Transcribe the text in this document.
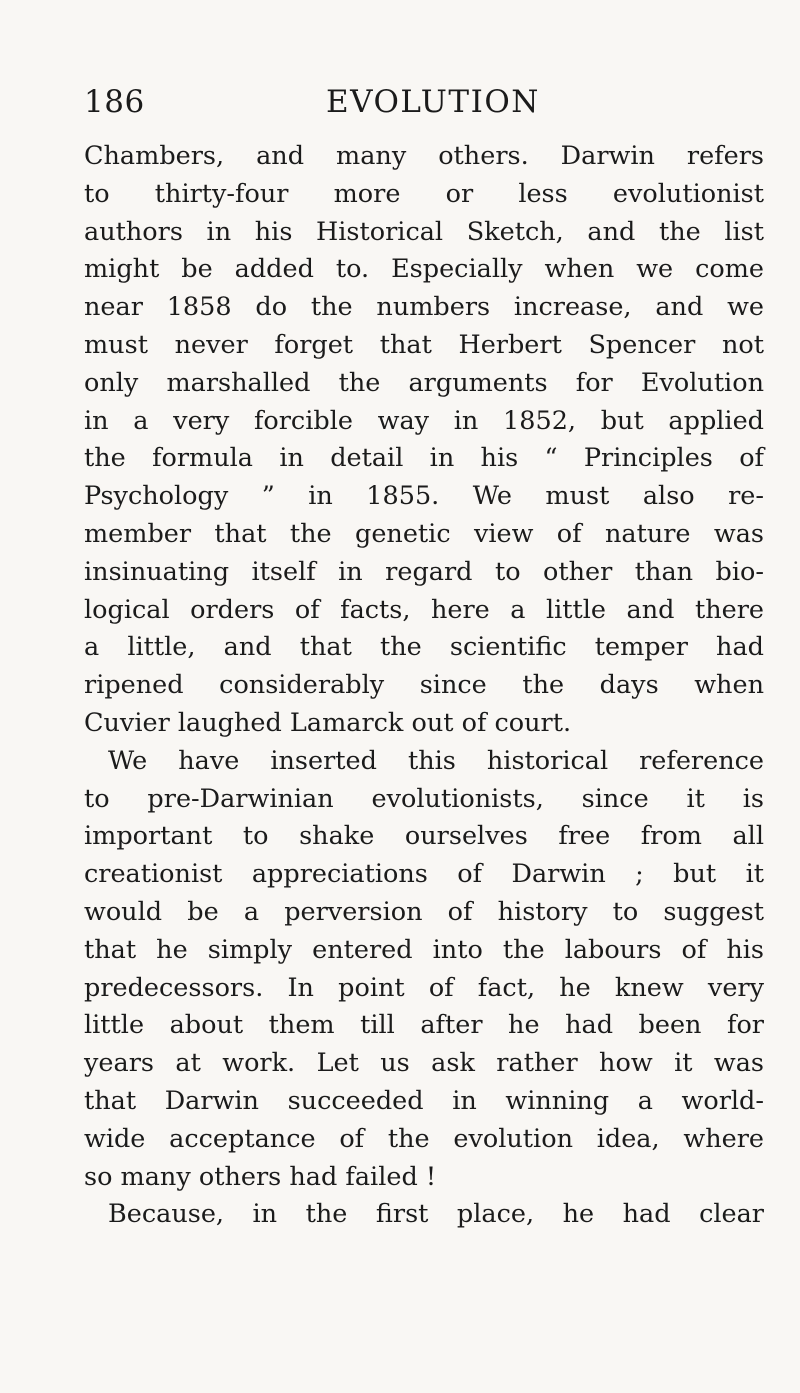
186	EVOLUTION
Chambers, and many others. Darwin refers
to thirty-four more or less evolutionist
authors in his Historical Sketch, and the list
might be added to. Especially when we come
near 1858 do the numbers increase, and we
must never forget that Herbert Spencer not
only marshalled the arguments for Evolution
in a very forcible way in 1852, but applied
the formula in detail in his “ Principles of
Psychology ” in 1855. We must also re-
member that the genetic view of nature was
insinuating itself in regard to other than bio-
logical orders of facts, here a little and there
a little, and that the scientific temper had
ripened considerably since the days when
Cuvier laughed Lamarck out of court.
We have inserted this historical reference
to pre-Darwinian evolutionists, since it is
important to shake ourselves free from all
creationist appreciations of Darwin ; but it
would be a perversion of history to suggest
that he simply entered into the labours of his
predecessors. In point of fact, he knew very
little about them till after he had been for
years at work. Let us ask rather how it was
that Darwin succeeded in winning a world-
wide acceptance of the evolution idea, where
so many others had failed !
Because, in the first place, he had clear
